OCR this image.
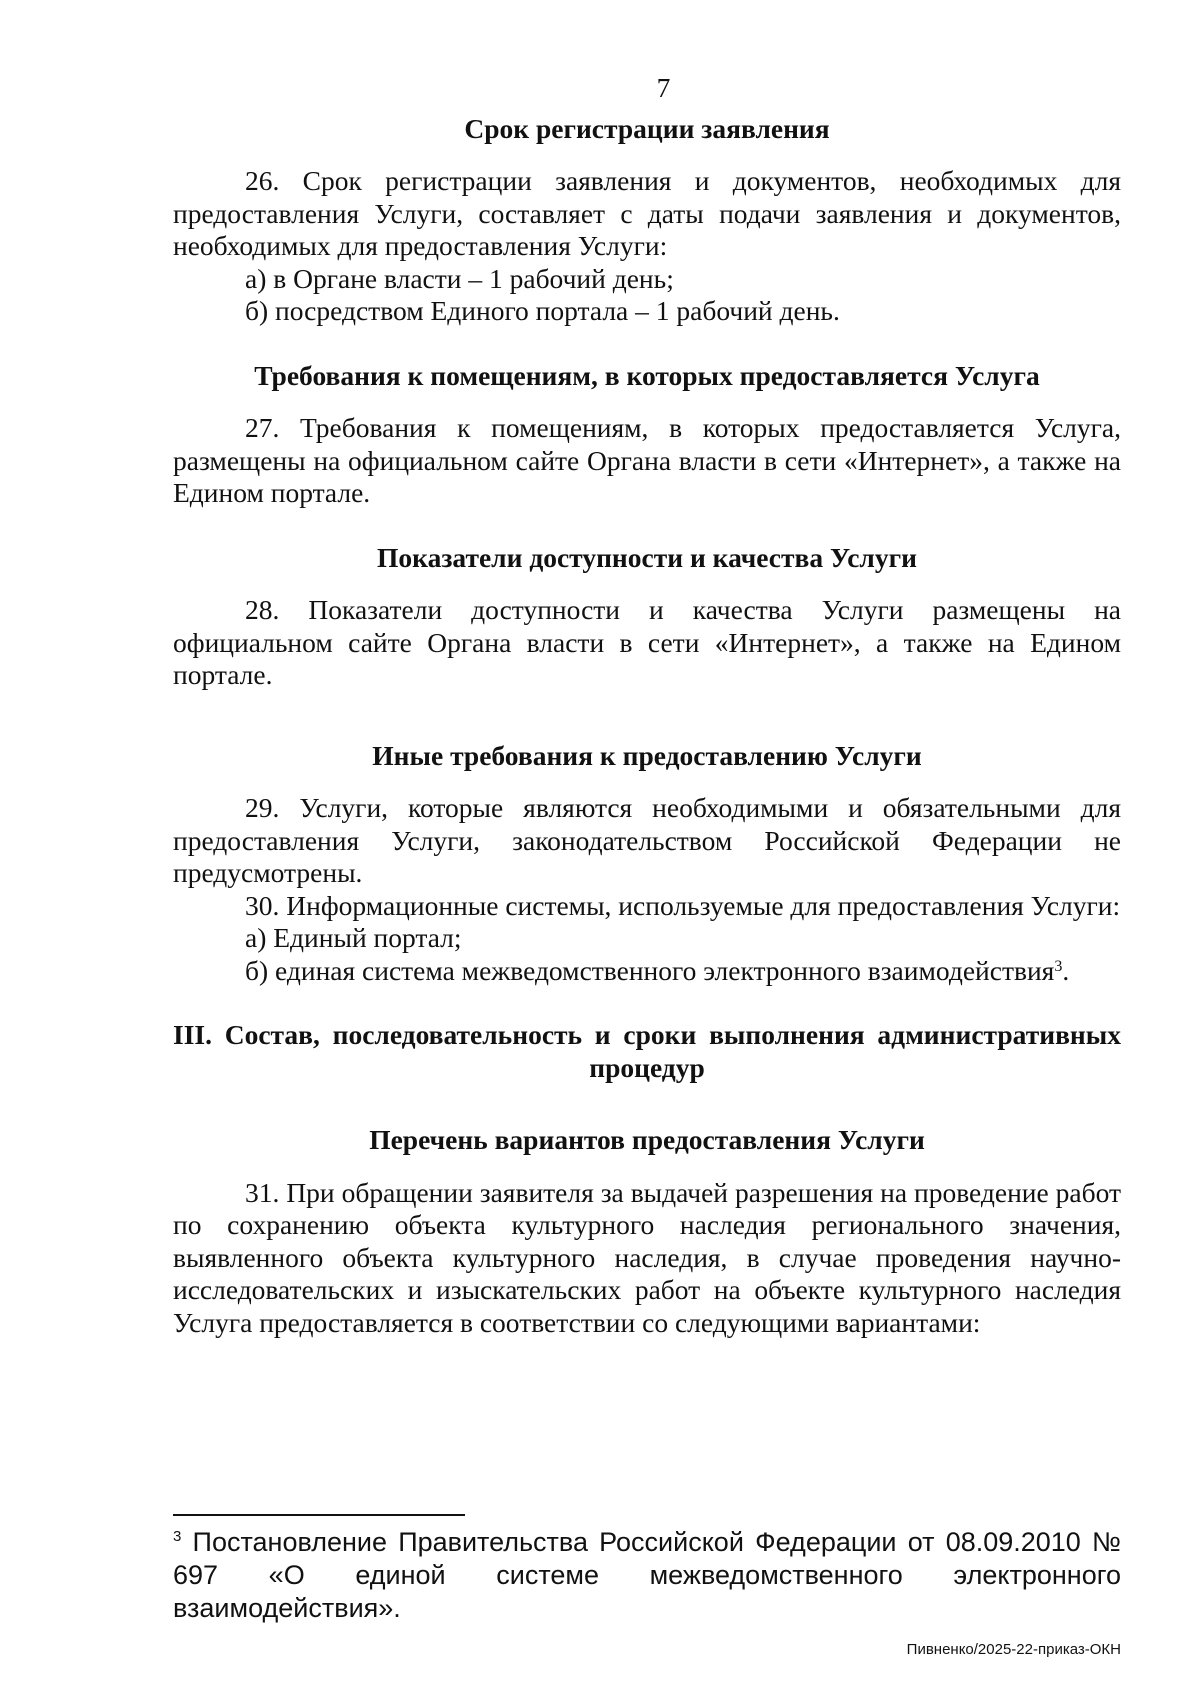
7
Срок регистрации заявления

26. Срок регистрации заявления и документов, необходимых для предоставления Услуги, составляет с даты подачи заявления и документов, необходимых для предоставления Услуги:

а) в Органе власти – 1 рабочий день;

б) посредством Единого портала – 1 рабочий день.

Требования к помещениям, в которых предоставляется Услуга

27. Требования к помещениям, в которых предоставляется Услуга, размещены на официальном сайте Органа власти в сети «Интернет», а также на Едином портале.

Показатели доступности и качества Услуги

28. Показатели доступности и качества Услуги размещены на официальном сайте Органа власти в сети «Интернет», а также на Едином портале.

Иные требования к предоставлению Услуги

29. Услуги, которые являются необходимыми и обязательными для предоставления Услуги, законодательством Российской Федерации не предусмотрены.

30. Информационные системы, используемые для предоставления Услуги:

а) Единый портал;

б) единая система межведомственного электронного взаимодействия$^3$.

III. Состав, последовательность и сроки выполнения административных
процедур
Перечень вариантов предоставления Услуги

31. При обращении заявителя за выдачей разрешения на проведение работ по сохранению объекта культурного наследия регионального значения, выявленного объекта культурного наследия, в случае проведения научно-исследовательских и изыскательских работ на объекте культурного наследия Услуга предоставляется в соответствии со следующими вариантами:

$^3$ Постановление Правительства Российской Федерации от 08.09.2010 № 697 «О единой системе межведомственного электронного взаимодействия».
Пивненко/2025-22-приказ-ОКН
